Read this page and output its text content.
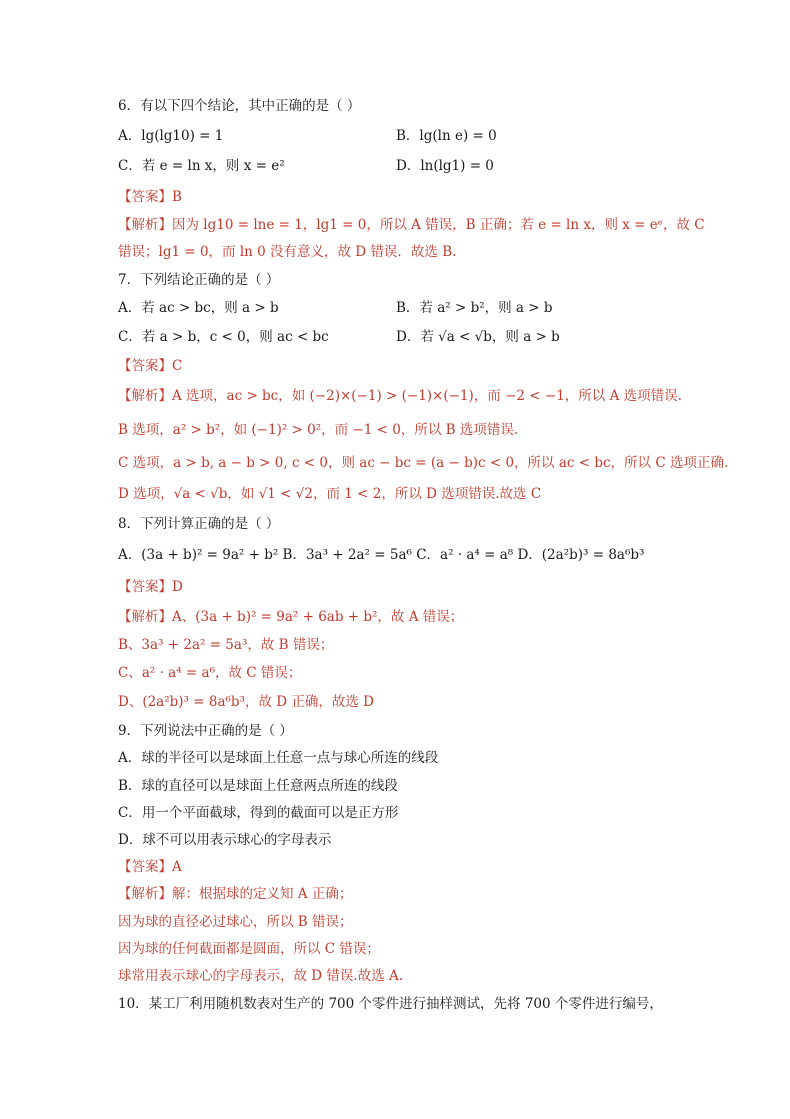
6．有以下四个结论，其中正确的是（ ）
A．lg(lg10) = 1	B．lg(ln e) = 0
C．若 e = ln x，则 x = e²	D．ln(lg1) = 0
【答案】B
【解析】因为 lg10 = lne = 1，lg1 = 0，所以 A 错误，B 正确；若 e = ln x，则 x = eᵉ，故 C
错误；lg1 = 0，而 ln 0 没有意义，故 D 错误．故选 B.
7．下列结论正确的是（ ）
A．若 ac > bc，则 a > b	B．若 a² > b²，则 a > b
C．若 a > b，c < 0，则 ac < bc	D．若 √a < √b，则 a > b
【答案】C
【解析】A 选项，ac > bc，如 (−2)×(−1) > (−1)×(−1)，而 −2 < −1，所以 A 选项错误.
B 选项，a² > b²，如 (−1)² > 0²，而 −1 < 0，所以 B 选项错误.
C 选项，a > b, a − b > 0, c < 0，则 ac − bc = (a − b)c < 0，所以 ac < bc，所以 C 选项正确.
D 选项，√a < √b，如 √1 < √2，而 1 < 2，所以 D 选项错误.故选 C
8．下列计算正确的是（ ）
A．(3a + b)² = 9a² + b² B．3a³ + 2a² = 5a⁶ C．a² · a⁴ = a⁸ D．(2a²b)³ = 8a⁶b³
【答案】D
【解析】A、(3a + b)² = 9a² + 6ab + b²，故 A 错误；
B、3a³ + 2a² = 5a³，故 B 错误；
C、a² · a⁴ = a⁶，故 C 错误；
D、(2a²b)³ = 8a⁶b³，故 D 正确，故选 D
9．下列说法中正确的是（ ）
A．球的半径可以是球面上任意一点与球心所连的线段
B．球的直径可以是球面上任意两点所连的线段
C．用一个平面截球，得到的截面可以是正方形
D．球不可以用表示球心的字母表示
【答案】A
【解析】解：根据球的定义知 A 正确；
因为球的直径必过球心，所以 B 错误；
因为球的任何截面都是圆面，所以 C 错误；
球常用表示球心的字母表示，故 D 错误.故选 A.
10．某工厂利用随机数表对生产的 700 个零件进行抽样测试，先将 700 个零件进行编号，
